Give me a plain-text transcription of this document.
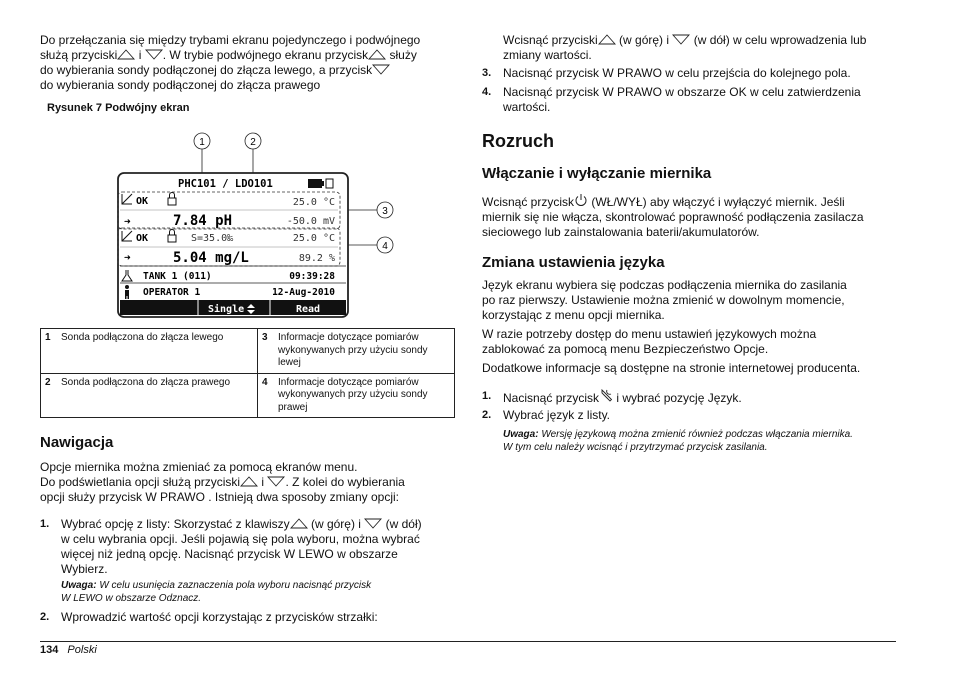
Do przełączania się między trybami ekranu pojedynczego i podwójnego

służą przyciski i . W trybie podwójnego ekranu przycisk służy

do wybierania sondy podłączonej do złącza lewego, a przycisk

do wybierania sondy podłączonej do złącza prawego

Rysunek 7 Podwójny ekran
1	2
3
4
PHC101 / LDO101
OK	25.0 °C
➜	7.84 pH	-50.0 mV
OK	S=35.0‰	25.0 °C
➜	5.04 mg/L	89.2 %
TANK 1 (011)	09:39:28
OPERATOR 1	12-Aug-2010
Single	Read
1	Sonda podłączona do złącza lewego	3	Informacje dotyczące pomiarów wykonywanych przy użyciu sondy lewej
2	Sonda podłączona do złącza prawego	4	Informacje dotyczące pomiarów wykonywanych przy użyciu sondy prawej
Nawigacja

Opcje miernika można zmieniać za pomocą ekranów menu.

Do podświetlania opcji służą przyciski i . Z kolei do wybierania

opcji służy przycisk W PRAWO . Istnieją dwa sposoby zmiany opcji:

1. Wybrać opcję z listy: Skorzystać z klawiszy (w górę) i  (w dół)

w celu wybrania opcji. Jeśli pojawią się pola wyboru, można wybrać

więcej niż jedną opcję. Nacisnąć przycisk W LEWO w obszarze

Wybierz.

Uwaga: W celu usunięcia zaznaczenia pola wyboru nacisnąć przycisk
W LEWO w obszarze Odznacz.
2. Wprowadzić wartość opcji korzystając z przycisków strzałki:

Wcisnąć przyciski (w górę) i  (w dół) w celu wprowadzenia lub

zmiany wartości.

3. Nacisnąć przycisk W PRAWO w celu przejścia do kolejnego pola.

4. Nacisnąć przycisk W PRAWO w obszarze OK w celu zatwierdzenia

wartości.

Rozruch
Włączanie i wyłączanie miernika

Wcisnąć przycisk (WŁ/WYŁ) aby włączyć i wyłączyć miernik. Jeśli

miernik się nie włącza, skontrolować poprawność podłączenia zasilacza

sieciowego lub zainstalowania baterii/akumulatorów.

Zmiana ustawienia języka

Język ekranu wybiera się podczas podłączenia miernika do zasilania

po raz pierwszy. Ustawienie można zmienić w dowolnym momencie,

korzystając z menu opcji miernika.

W razie potrzeby dostęp do menu ustawień językowych można

zablokować za pomocą menu Bezpieczeństwo Opcje.

Dodatkowe informacje są dostępne na stronie internetowej producenta.

1. Nacisnąć przycisk i wybrać pozycję Język.

2. Wybrać język z listy.

Uwaga: Wersję językową można zmienić również podczas włączania miernika.
W tym celu należy wcisnąć i przytrzymać przycisk zasilania.
134 Polski
